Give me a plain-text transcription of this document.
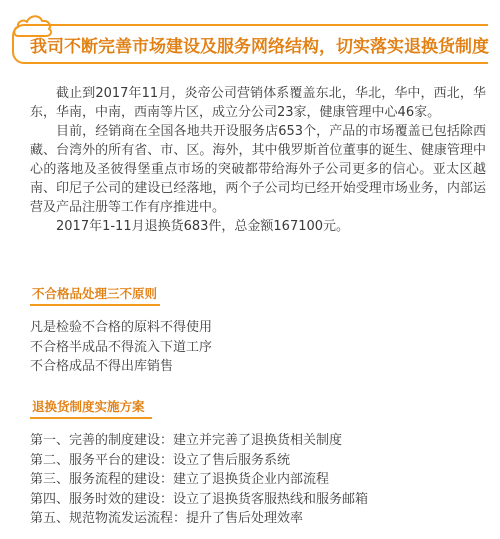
我司不断完善市场建设及服务网络结构，切实落实退换货制度

截止到2017年11月，炎帝公司营销体系覆盖东北，华北，华中，西北，华东，华南，中南，西南等片区，成立分公司23家，健康管理中心46家。

目前，经销商在全国各地共开设服务店653个，产品的市场覆盖已包括除西藏、台湾外的所有省、市、区。海外，其中俄罗斯首位董事的诞生、健康管理中心的落地及圣彼得堡重点市场的突破都带给海外子公司更多的信心。亚太区越南、印尼子公司的建设已经落地，两个子公司均已经开始受理市场业务，内部运营及产品注册等工作有序推进中。

2017年1-11月退换货683件，总金额167100元。

不合格品处理三不原则
凡是检验不合格的原料不得使用
不合格半成品不得流入下道工序
不合格成品不得出库销售
退换货制度实施方案
第一、完善的制度建设：建立并完善了退换货相关制度
第二、服务平台的建设：设立了售后服务系统
第三、服务流程的建设：建立了退换货企业内部流程
第四、服务时效的建设：设立了退换货客服热线和服务邮箱
第五、规范物流发运流程：提升了售后处理效率
